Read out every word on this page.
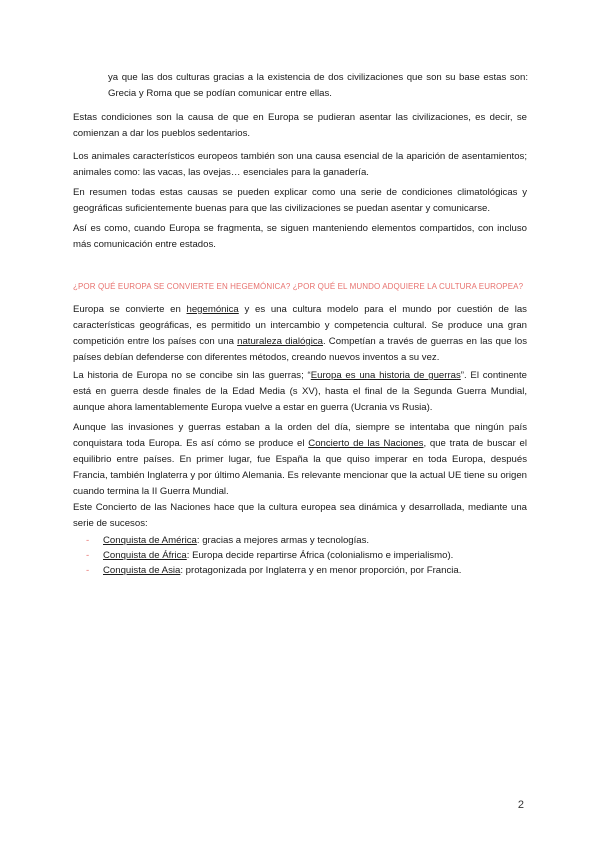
ya que las dos culturas gracias a la existencia de dos civilizaciones que son su base estas son: Grecia y Roma que se podían comunicar entre ellas.

Estas condiciones son la causa de que en Europa se pudieran asentar las civilizaciones, es decir, se comienzan a dar los pueblos sedentarios.

Los animales característicos europeos también son una causa esencial de la aparición de asentamientos; animales como: las vacas, las ovejas… esenciales para la ganadería.

En resumen todas estas causas se pueden explicar como una serie de condiciones climatológicas y geográficas suficientemente buenas para que las civilizaciones se puedan asentar y comunicarse.

Así es como, cuando Europa se fragmenta, se siguen manteniendo elementos compartidos, con incluso más comunicación entre estados.

¿POR QUÉ EUROPA SE CONVIERTE EN HEGEMÓNICA? ¿POR QUÉ EL MUNDO ADQUIERE LA CULTURA EUROPEA?

Europa se convierte en hegemónica y es una cultura modelo para el mundo por cuestión de las características geográficas, es permitido un intercambio y competencia cultural. Se produce una gran competición entre los países con una naturaleza dialógica. Competían a través de guerras en las que los países debían defenderse con diferentes métodos, creando nuevos inventos a su vez.

La historia de Europa no se concibe sin las guerras; “Europa es una historia de guerras”. El continente está en guerra desde finales de la Edad Media (s XV), hasta el final de la Segunda Guerra Mundial, aunque ahora lamentablemente Europa vuelve a estar en guerra (Ucrania vs Rusia).

Aunque las invasiones y guerras estaban a la orden del día, siempre se intentaba que ningún país conquistara toda Europa. Es así cómo se produce el Concierto de las Naciones, que trata de buscar el equilibrio entre países. En primer lugar, fue España la que quiso imperar en toda Europa, después Francia, también Inglaterra y por último Alemania. Es relevante mencionar que la actual UE tiene su origen cuando termina la II Guerra Mundial.

Este Concierto de las Naciones hace que la cultura europea sea dinámica y desarrollada, mediante una serie de sucesos:

- Conquista de América: gracias a mejores armas y tecnologías.
- Conquista de África: Europa decide repartirse África (colonialismo e imperialismo).
- Conquista de Asia: protagonizada por Inglaterra y en menor proporción, por Francia.
2
